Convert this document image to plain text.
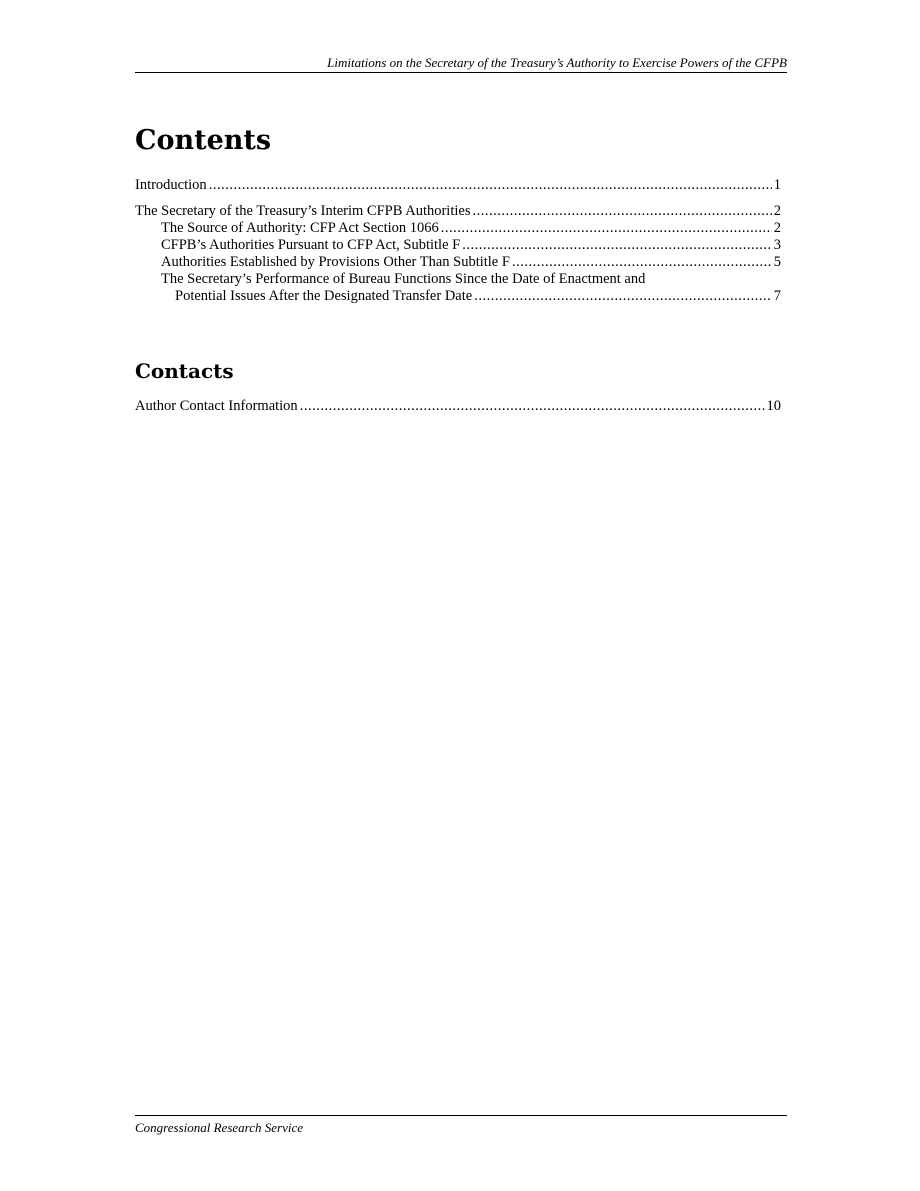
Limitations on the Secretary of the Treasury’s Authority to Exercise Powers of the CFPB
Contents
Introduction .....	1
The Secretary of the Treasury’s Interim CFPB Authorities .....	2
The Source of Authority: CFP Act Section 1066 .....	2
CFPB’s Authorities Pursuant to CFP Act, Subtitle F .....	3
Authorities Established by Provisions Other Than Subtitle F .....	5
The Secretary’s Performance of Bureau Functions Since the Date of Enactment and
Potential Issues After the Designated Transfer Date .....	7
Contacts
Author Contact Information .....	10
Congressional Research Service
